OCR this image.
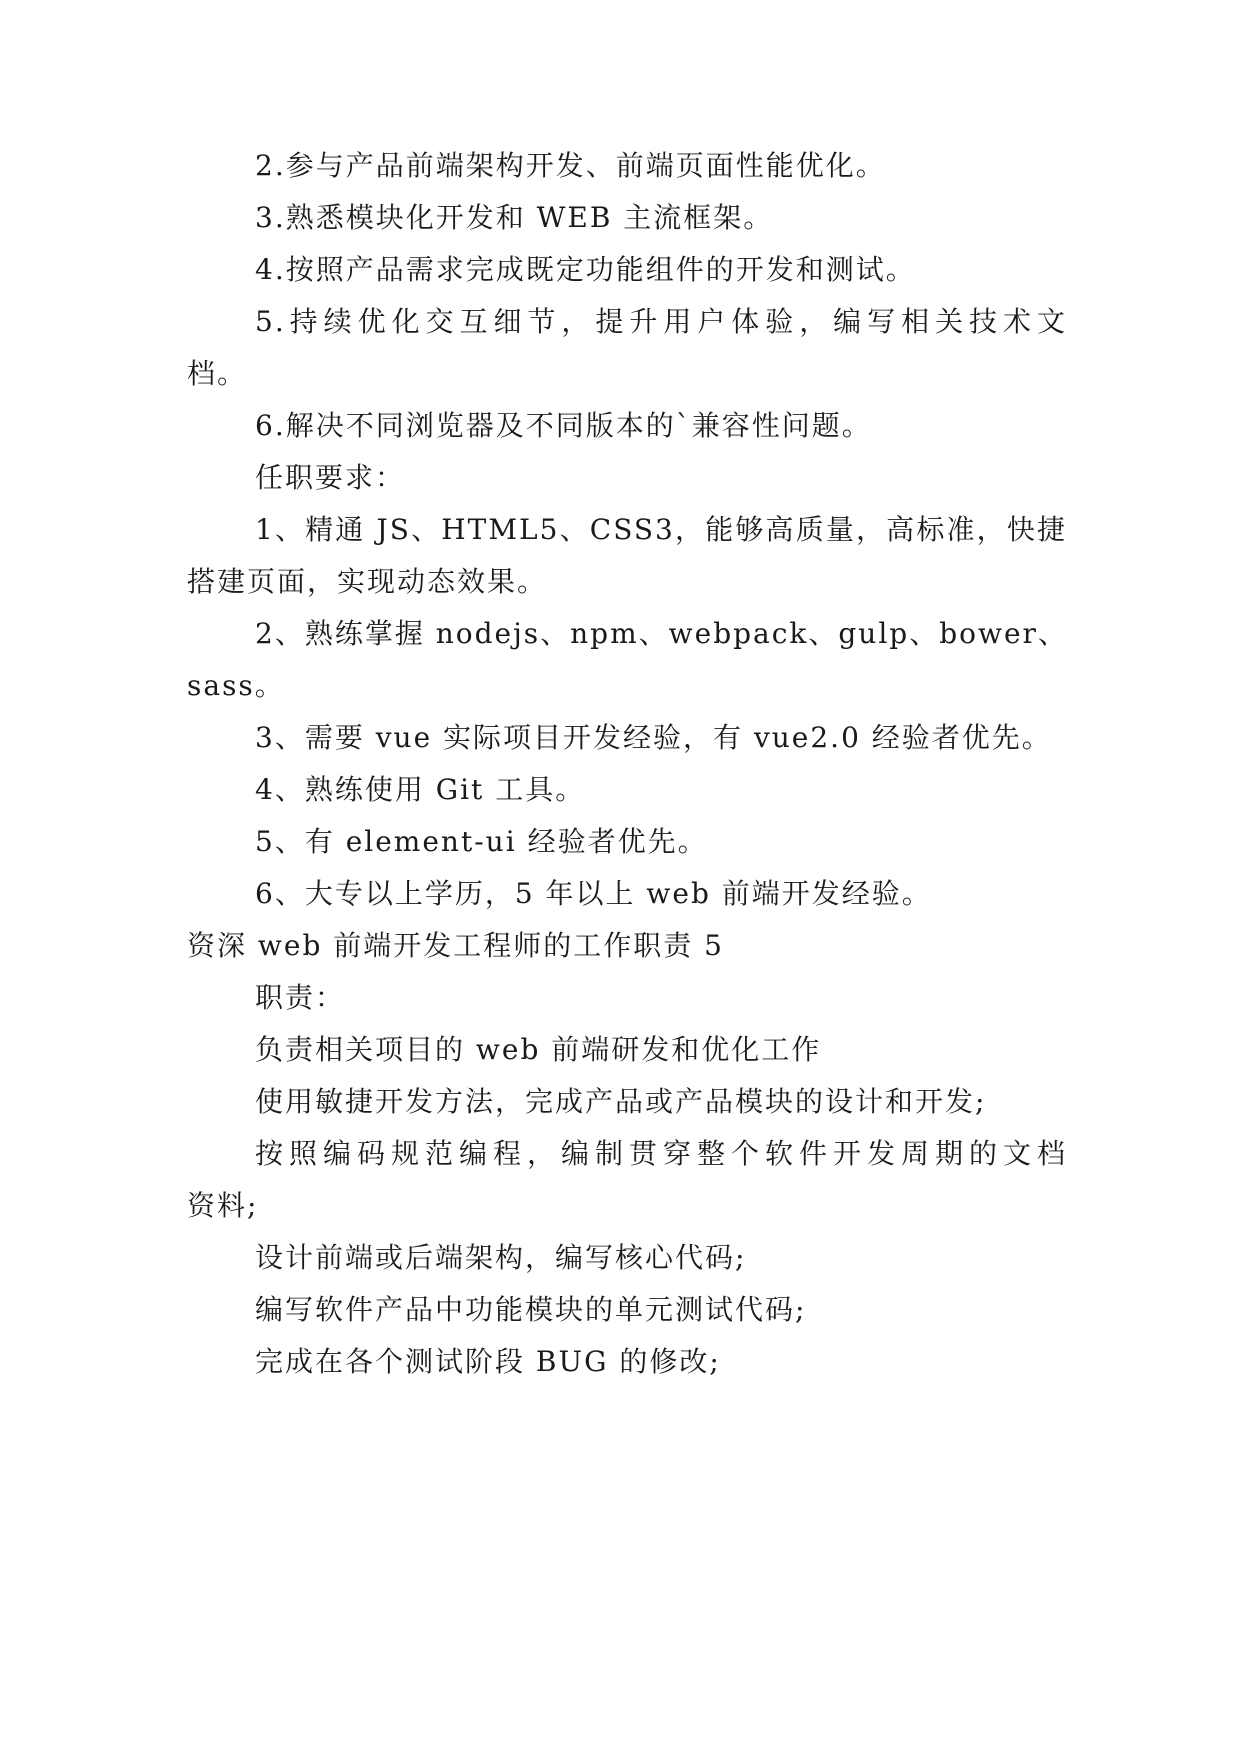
2.参与产品前端架构开发、前端页面性能优化。
3.熟悉模块化开发和 WEB 主流框架。
4.按照产品需求完成既定功能组件的开发和测试。
5.持续优化交互细节，提升用户体验，编写相关技术文
档。
6.解决不同浏览器及不同版本的`兼容性问题。
任职要求：
1、精通 JS、HTML5、CSS3，能够高质量，高标准，快捷
搭建页面，实现动态效果。
2、熟练掌握 nodejs、npm、webpack、gulp、bower、
sass。
3、需要 vue 实际项目开发经验，有 vue2.0 经验者优先。
4、熟练使用 Git 工具。
5、有 element-ui 经验者优先。
6、大专以上学历，5 年以上 web 前端开发经验。
资深 web 前端开发工程师的工作职责 5
职责：
负责相关项目的 web 前端研发和优化工作
使用敏捷开发方法，完成产品或产品模块的设计和开发;
按照编码规范编程，编制贯穿整个软件开发周期的文档
资料;
设计前端或后端架构，编写核心代码;
编写软件产品中功能模块的单元测试代码;
完成在各个测试阶段 BUG 的修改;
